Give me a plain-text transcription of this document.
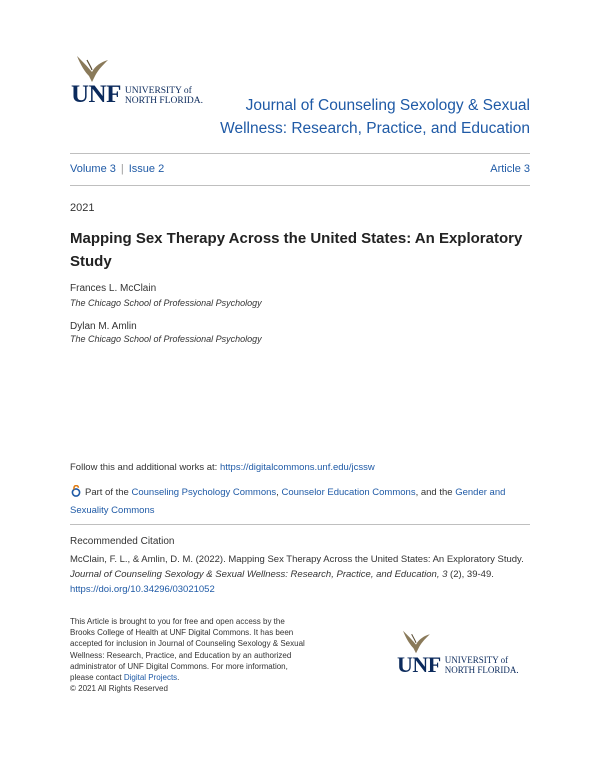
UNF UNIVERSITY of
NORTH FLORIDA.	Journal of Counseling Sexology & Sexual Wellness: Research, Practice, and Education
Volume 3 | Issue 2	Article 3
2021
Mapping Sex Therapy Across the United States: An Exploratory Study
Frances L. McClain
The Chicago School of Professional Psychology
Dylan M. Amlin
The Chicago School of Professional Psychology
Follow this and additional works at: https://digitalcommons.unf.edu/jcssw
Part of the Counseling Psychology Commons, Counselor Education Commons, and the Gender and Sexuality Commons
Recommended Citation
McClain, F. L., & Amlin, D. M. (2022). Mapping Sex Therapy Across the United States: An Exploratory Study.
Journal of Counseling Sexology & Sexual Wellness: Research, Practice, and Education, 3 (2), 39-49.
https://doi.org/10.34296/03021052
This Article is brought to you for free and open access by the Brooks College of Health at UNF Digital Commons. It has been accepted for inclusion in Journal of Counseling Sexology & Sexual Wellness: Research, Practice, and Education by an authorized administrator of UNF Digital Commons. For more information, please contact Digital Projects.
© 2021 All Rights Reserved
UNF UNIVERSITY of
NORTH FLORIDA.
